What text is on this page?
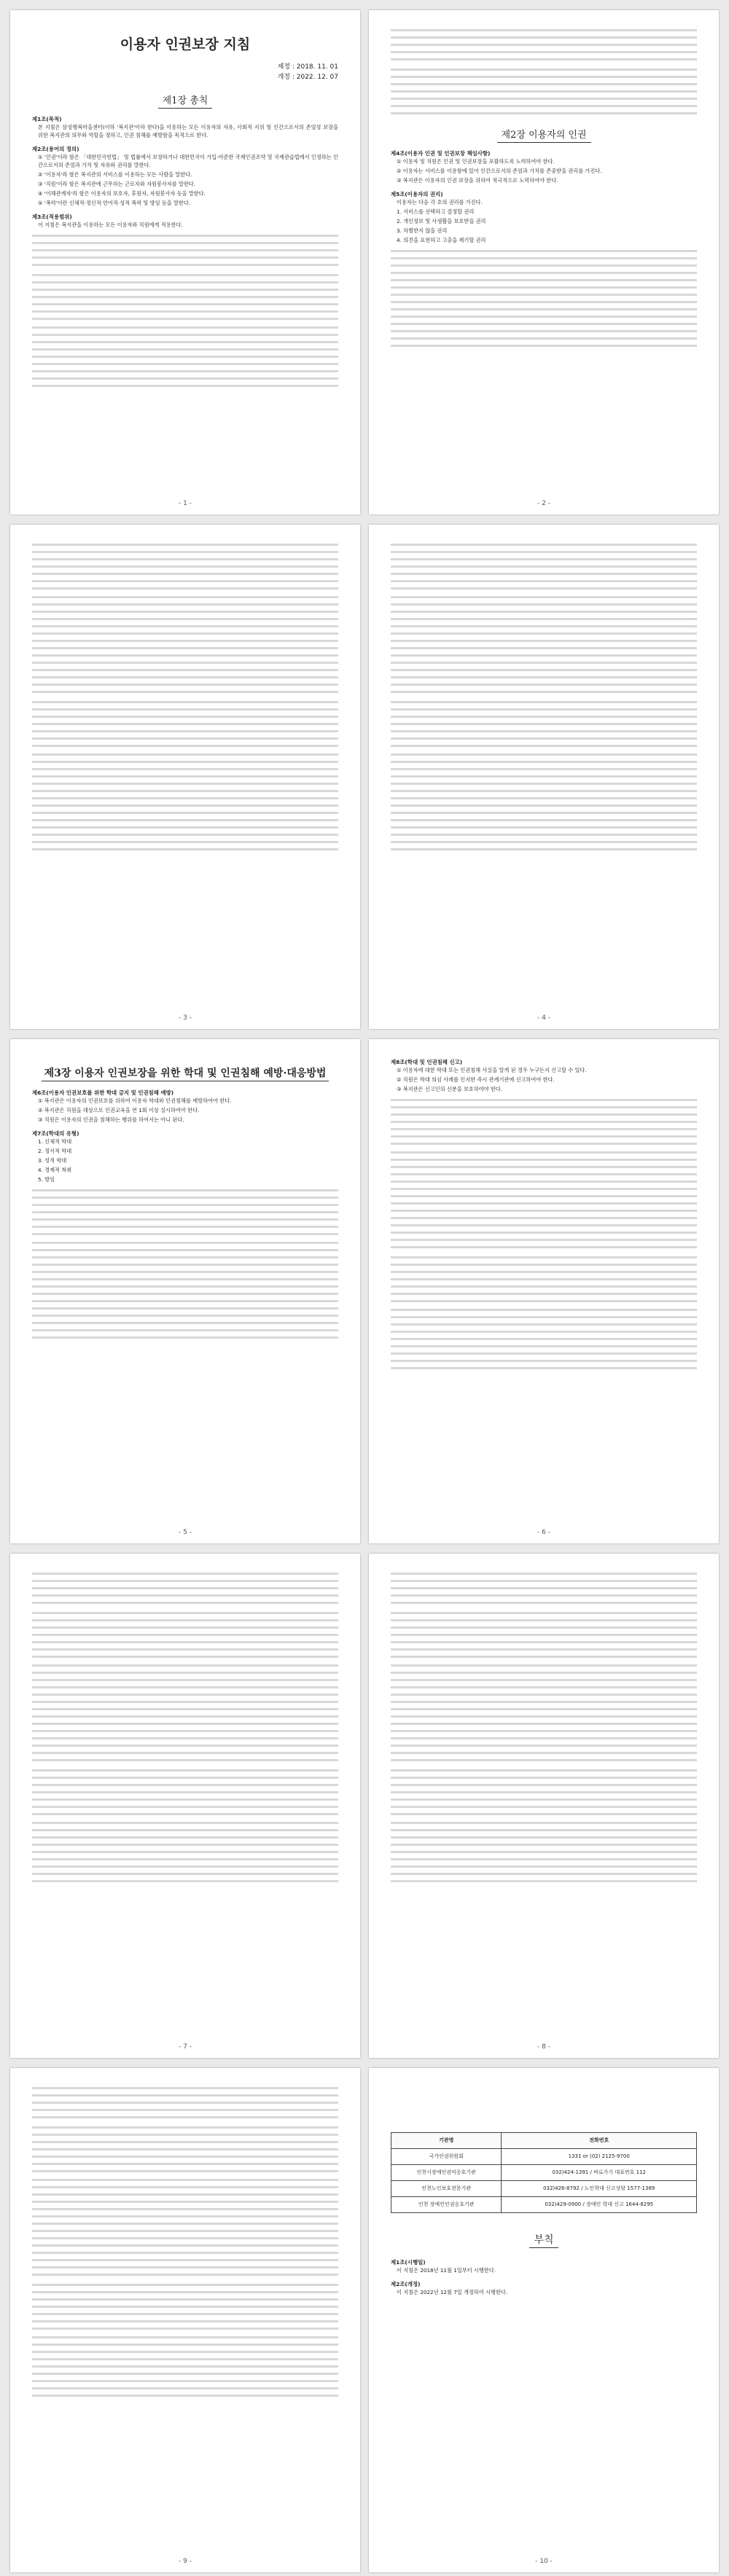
이용자 인권보장 지침
제정 : 2018. 11. 01
개정 : 2022. 12. 07
제1장 총칙
제1조(목적)

본 지침은 삼성행복마을센터(이하 '복지관'이라 한다)을 이용하는 모든 이용자의 자유, 사회적 지위 및 인간으로서의 존엄성 보장을 위한 복지관의 의무와 역할을 정하고, 인권 침해를 예방함을 목적으로 한다.

제2조(용어의 정의)

① '인권'이라 함은 「대한민국헌법」 및 법률에서 보장하거나 대한민국이 가입·비준한 국제인권조약 및 국제관습법에서 인정하는 인간으로서의 존엄과 가치 및 자유와 권리를 말한다.

② '이용자'라 함은 복지관의 서비스를 이용하는 모든 사람을 말한다.

③ '직원'이라 함은 복지관에 근무하는 근로자와 자원봉사자를 말한다.

④ '이해관계자'라 함은 이용자의 보호자, 후원자, 자원봉사자 등을 말한다.

⑤ '폭력'이란 신체적·정신적·언어적·성적 폭력 및 방임 등을 말한다.

제3조(적용범위)

이 지침은 복지관을 이용하는 모든 이용자와 직원에게 적용한다.

- 1 -
제2장 이용자의 인권
제4조(이용자 인권 및 인권보장 책임사항)

① 이용자 및 직원은 인권 및 인권보장을 포괄하도록 노력하여야 한다.

② 이용자는 서비스를 이용함에 있어 인간으로서의 존엄과 가치를 존중받을 권리를 가진다.

③ 복지관은 이용자의 인권 보장을 위하여 적극적으로 노력하여야 한다.

제5조(이용자의 권리)

이용자는 다음 각 호의 권리를 가진다.

1. 서비스를 선택하고 결정할 권리

2. 개인정보 및 사생활을 보호받을 권리

3. 차별받지 않을 권리

4. 의견을 표현하고 고충을 제기할 권리

- 2 -
- 3 -	- 4 -
제3장 이용자 인권보장을 위한 학대 및 인권침해 예방·대응방법
제6조(이용자 인권보호를 위한 학대 금지 및 인권침해 예방)

① 복지관은 이용자의 인권보호를 위하여 이용자 학대와 인권침해를 예방하여야 한다.

② 복지관은 직원을 대상으로 인권교육을 연 1회 이상 실시하여야 한다.

③ 직원은 이용자의 인권을 침해하는 행위를 하여서는 아니 된다.

제7조(학대의 유형)

1. 신체적 학대

2. 정서적 학대

3. 성적 학대

4. 경제적 착취

5. 방임

- 5 -
제8조(학대 및 인권침해 신고)

① 이용자에 대한 학대 또는 인권침해 사실을 알게 된 경우 누구든지 신고할 수 있다.

② 직원은 학대 의심 사례를 인지한 즉시 관계기관에 신고하여야 한다.

③ 복지관은 신고인의 신분을 보호하여야 한다.

- 6 -
- 7 -	- 8 -
- 9 -
기관명	전화번호
국가인권위원회	1331 or (02) 2125-9700
인천시장애인권익옹호기관	032)424-1391 / 바로가기 대표번호 112
인천노인보호전문기관	032)426-8792 / 노인학대 신고상담 1577-1389
인천 장애인인권옹호기관	032)429-0900 / 장애인 학대 신고 1644-8295
부칙
제1조(시행일)

이 지침은 2018년 11월 1일부터 시행한다.

제2조(개정)

이 지침은 2022년 12월 7일 개정하여 시행한다.

- 10 -
